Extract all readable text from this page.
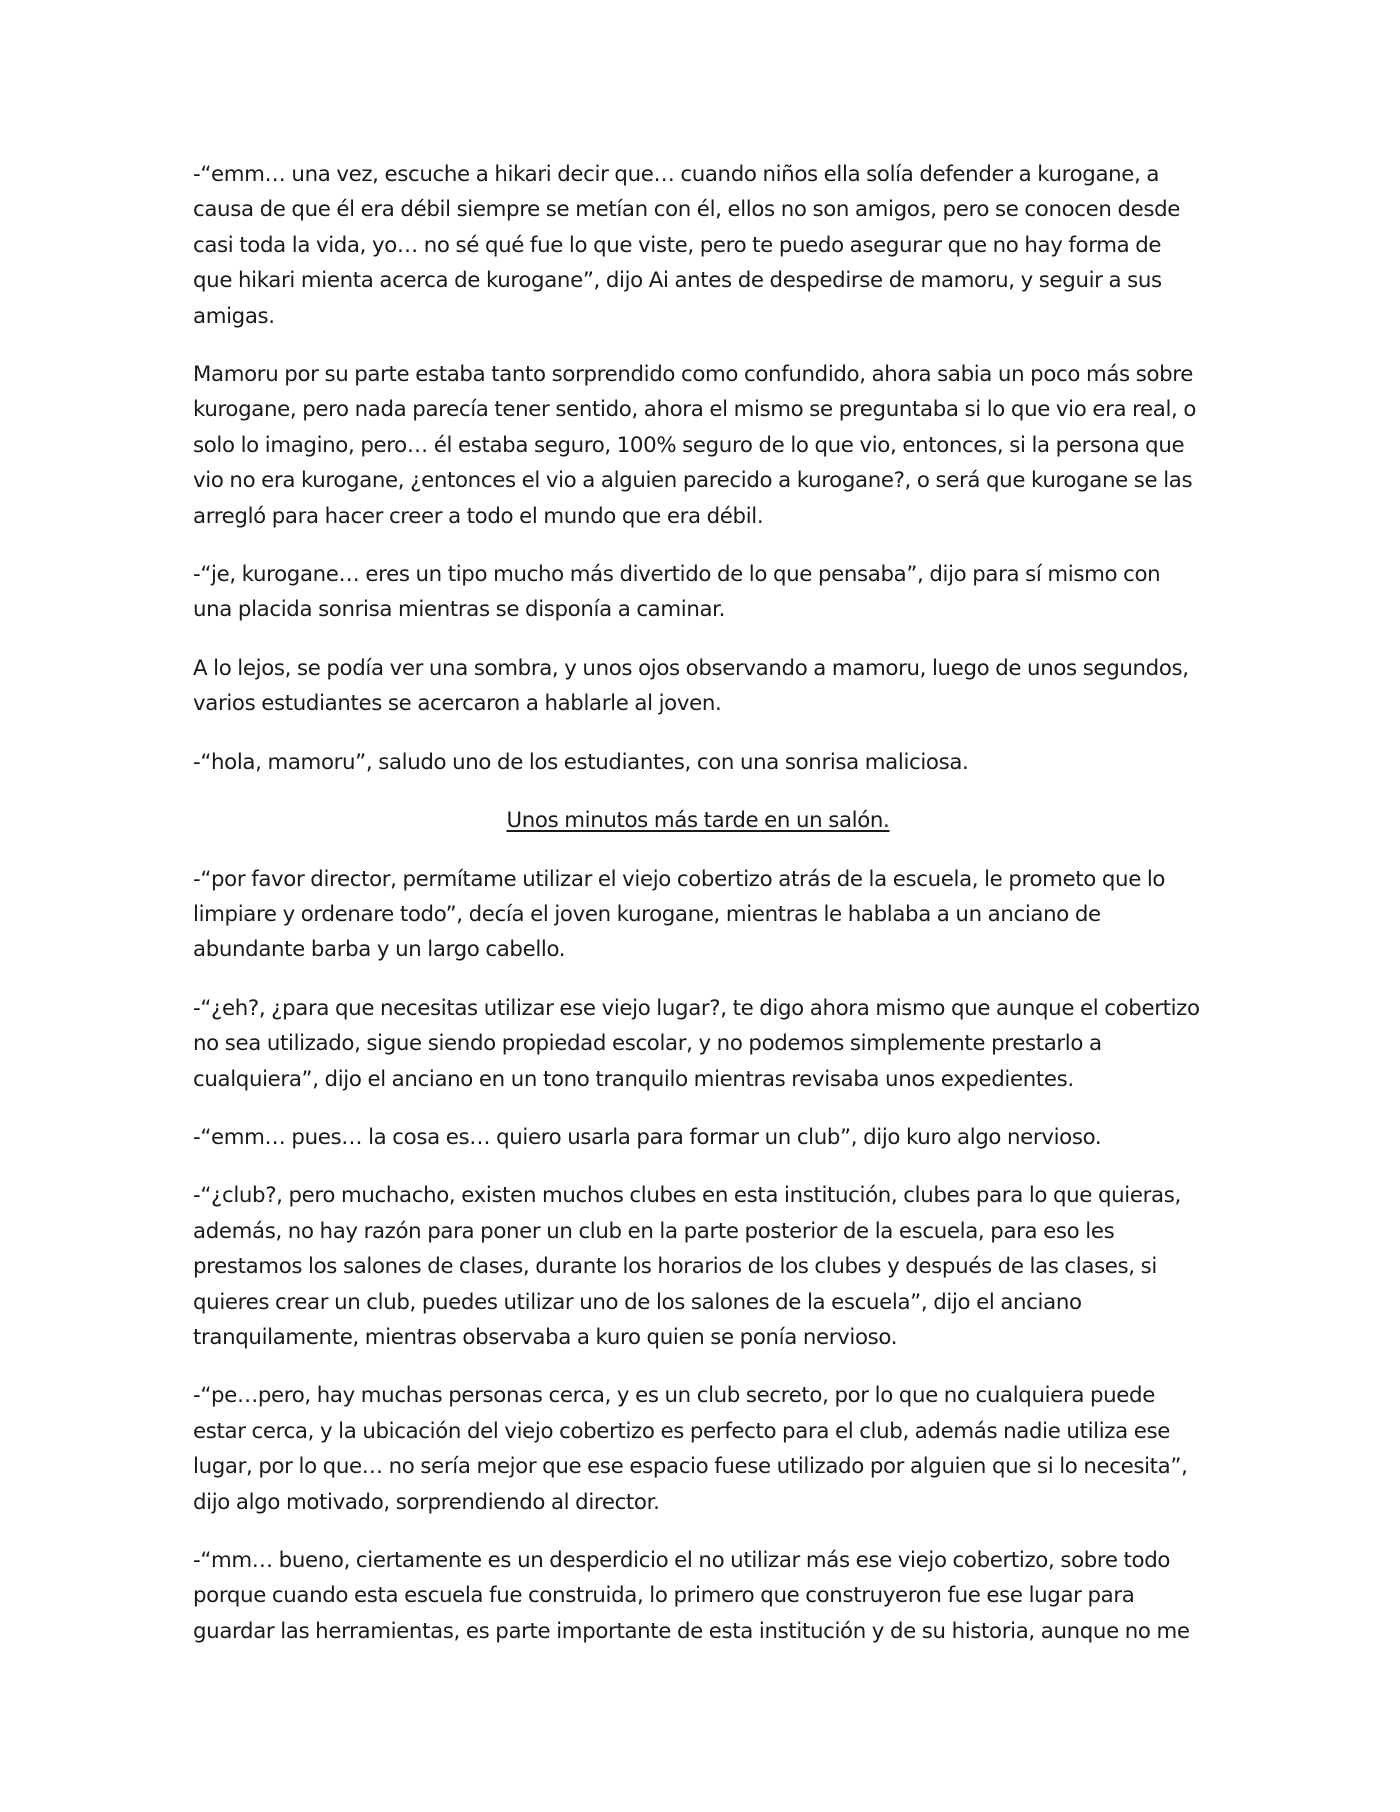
-“emm… una vez, escuche a hikari decir que… cuando niños ella solía defender a kurogane, a causa de que él era débil siempre se metían con él, ellos no son amigos, pero se conocen desde casi toda la vida, yo… no sé qué fue lo que viste, pero te puedo asegurar que no hay forma de que hikari mienta acerca de kurogane”, dijo Ai antes de despedirse de mamoru, y seguir a sus amigas.

Mamoru por su parte estaba tanto sorprendido como confundido, ahora sabia un poco más sobre kurogane, pero nada parecía tener sentido, ahora el mismo se preguntaba si lo que vio era real, o solo lo imagino, pero… él estaba seguro, 100% seguro de lo que vio, entonces, si la persona que vio no era kurogane, ¿entonces el vio a alguien parecido a kurogane?, o será que kurogane se las arregló para hacer creer a todo el mundo que era débil.

-“je, kurogane… eres un tipo mucho más divertido de lo que pensaba”, dijo para sí mismo con una placida sonrisa mientras se disponía a caminar.

A lo lejos, se podía ver una sombra, y unos ojos observando a mamoru, luego de unos segundos, varios estudiantes se acercaron a hablarle al joven.

-“hola, mamoru”, saludo uno de los estudiantes, con una sonrisa maliciosa.

Unos minutos más tarde en un salón.

-“por favor director, permítame utilizar el viejo cobertizo atrás de la escuela, le prometo que lo limpiare y ordenare todo”, decía el joven kurogane, mientras le hablaba a un anciano de abundante barba y un largo cabello.

-“¿eh?, ¿para que necesitas utilizar ese viejo lugar?, te digo ahora mismo que aunque el cobertizo no sea utilizado, sigue siendo propiedad escolar, y no podemos simplemente prestarlo a cualquiera”, dijo el anciano en un tono tranquilo mientras revisaba unos expedientes.

-“emm… pues… la cosa es… quiero usarla para formar un club”, dijo kuro algo nervioso.

-“¿club?, pero muchacho, existen muchos clubes en esta institución, clubes para lo que quieras, además, no hay razón para poner un club en la parte posterior de la escuela, para eso les prestamos los salones de clases, durante los horarios de los clubes y después de las clases, si quieres crear un club, puedes utilizar uno de los salones de la escuela”, dijo el anciano tranquilamente, mientras observaba a kuro quien se ponía nervioso.

-“pe…pero, hay muchas personas cerca, y es un club secreto, por lo que no cualquiera puede estar cerca, y la ubicación del viejo cobertizo es perfecto para el club, además nadie utiliza ese lugar, por lo que… no sería mejor que ese espacio fuese utilizado por alguien que si lo necesita”, dijo algo motivado, sorprendiendo al director.

-“mm… bueno, ciertamente es un desperdicio el no utilizar más ese viejo cobertizo, sobre todo porque cuando esta escuela fue construida, lo primero que construyeron fue ese lugar para guardar las herramientas, es parte importante de esta institución y de su historia, aunque no me
